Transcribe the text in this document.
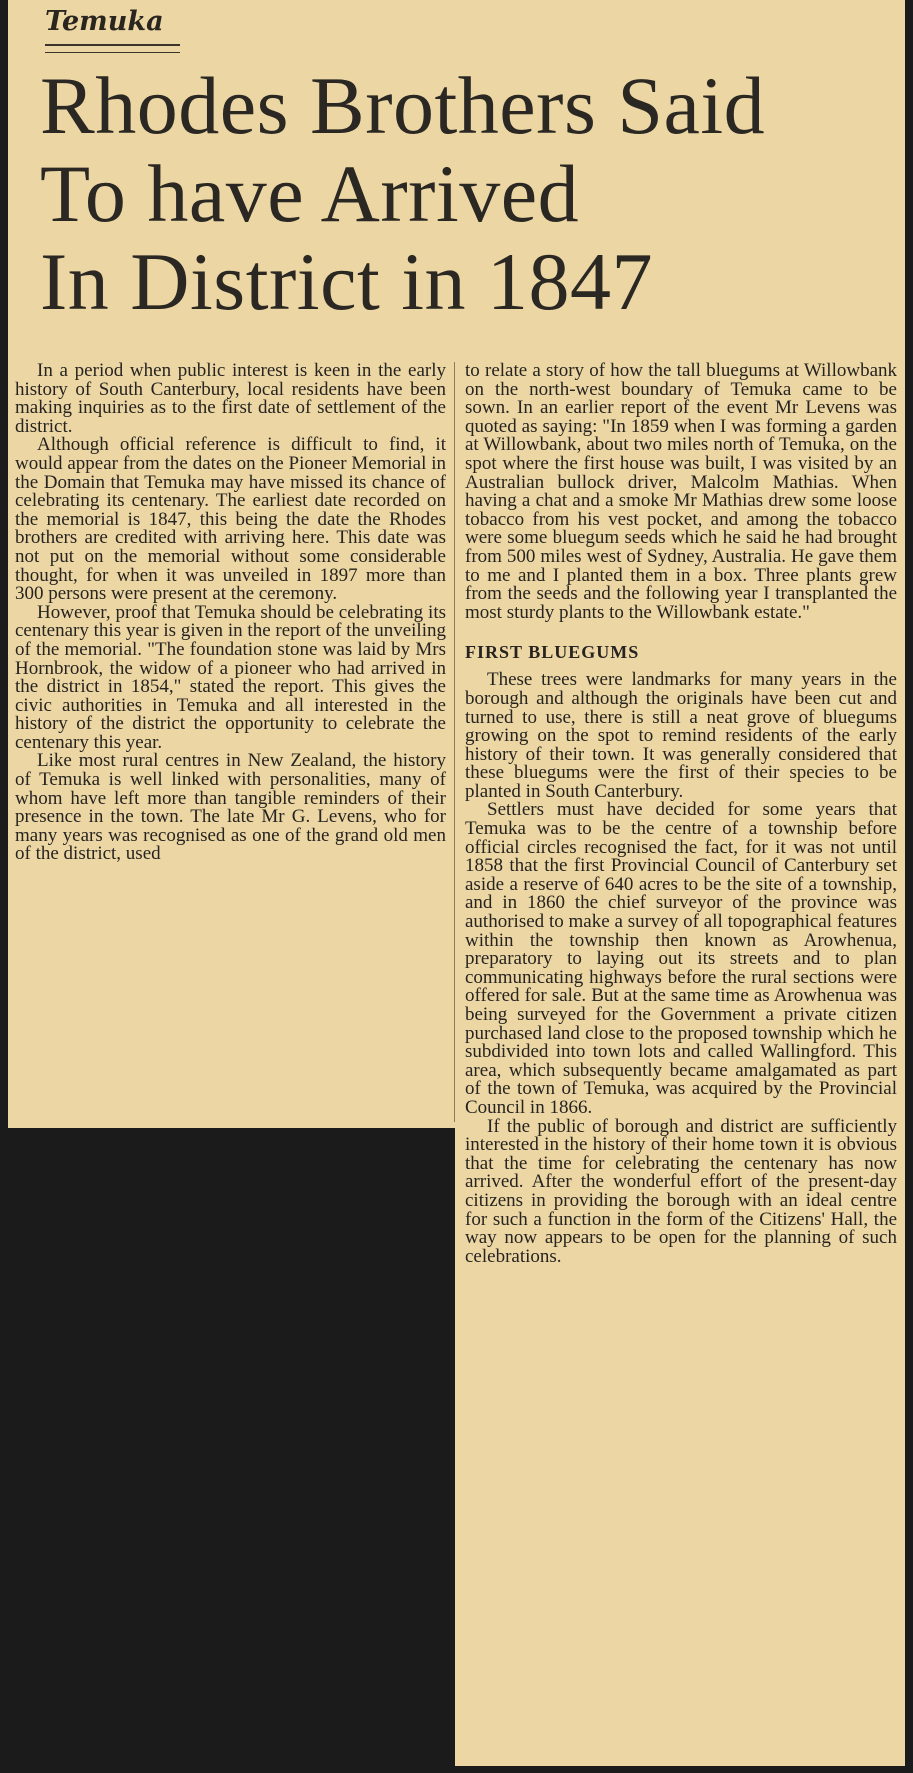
Temuka
Rhodes Brothers Said
To have Arrived
In District in 1847

In a period when public interest is keen in the early history of South Canterbury, local residents have been making inquiries as to the first date of settlement of the district.

Although official reference is difficult to find, it would appear from the dates on the Pioneer Memorial in the Domain that Temuka may have missed its chance of celebrating its centenary. The earliest date recorded on the memorial is 1847, this being the date the Rhodes brothers are credited with arriving here. This date was not put on the memorial without some considerable thought, for when it was unveiled in 1897 more than 300 persons were present at the ceremony.

However, proof that Temuka should be celebrating its centenary this year is given in the report of the unveiling of the memorial. "The foundation stone was laid by Mrs Hornbrook, the widow of a pioneer who had arrived in the district in 1854," stated the report. This gives the civic authorities in Temuka and all interested in the history of the district the opportunity to celebrate the centenary this year.

Like most rural centres in New Zealand, the history of Temuka is well linked with personalities, many of whom have left more than tangible reminders of their presence in the town. The late Mr G. Levens, who for many years was recognised as one of the grand old men of the district, used

to relate a story of how the tall bluegums at Willowbank on the north-west boundary of Temuka came to be sown. In an earlier report of the event Mr Levens was quoted as saying: "In 1859 when I was forming a garden at Willowbank, about two miles north of Temuka, on the spot where the first house was built, I was visited by an Australian bullock driver, Malcolm Mathias. When having a chat and a smoke Mr Mathias drew some loose tobacco from his vest pocket, and among the tobacco were some bluegum seeds which he said he had brought from 500 miles west of Sydney, Australia. He gave them to me and I planted them in a box. Three plants grew from the seeds and the following year I transplanted the most sturdy plants to the Willowbank estate."

FIRST BLUEGUMS

These trees were landmarks for many years in the borough and although the originals have been cut and turned to use, there is still a neat grove of bluegums growing on the spot to remind residents of the early history of their town. It was generally considered that these bluegums were the first of their species to be planted in South Canterbury.

Settlers must have decided for some years that Temuka was to be the centre of a township before official circles recognised the fact, for it was not until 1858 that the first Provincial Council of Canterbury set aside a reserve of 640 acres to be the site of a township, and in 1860 the chief surveyor of the province was authorised to make a survey of all topographical features within the township then known as Arowhenua, preparatory to laying out its streets and to plan communicating highways before the rural sections were offered for sale. But at the same time as Arowhenua was being surveyed for the Government a private citizen purchased land close to the proposed township which he subdivided into town lots and called Wallingford. This area, which subsequently became amalgamated as part of the town of Temuka, was acquired by the Provincial Council in 1866.

If the public of borough and district are sufficiently interested in the history of their home town it is obvious that the time for celebrating the centenary has now arrived. After the wonderful effort of the present-day citizens in providing the borough with an ideal centre for such a function in the form of the Citizens' Hall, the way now appears to be open for the planning of such celebrations.
